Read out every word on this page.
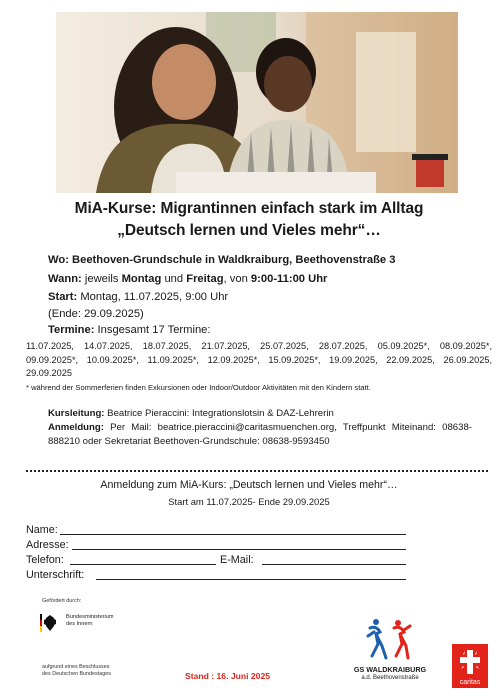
MiA-Kurse: Migrantinnen einfach stark im Alltag
„Deutsch lernen und Vieles mehr“…
Wo: Beethoven-Grundschule in Waldkraiburg, Beethovenstraße 3
Wann: jeweils Montag und Freitag, von 9:00-11:00 Uhr
Start: Montag, 11.07.2025, 9:00 Uhr
(Ende: 29.09.2025)
Termine: Insgesamt 17 Termine:
11.07.2025, 14.07.2025, 18.07.2025, 21.07.2025, 25.07.2025, 28.07.2025, 05.09.2025*, 08.09.2025*, 09.09.2025*, 10.09.2025*, 11.09.2025*, 12.09.2025*, 15.09.2025*, 19.09.2025, 22.09.2025, 26.09.2025, 29.09.2025
* während der Sommerferien finden Exkursionen oder Indoor/Outdoor Aktivitäten mit den Kindern statt.
Kursleitung: Beatrice Pieraccini: Integrationslotsin & DAZ-Lehrerin
Anmeldung: Per Mail: beatrice.pieraccini@caritasmuenchen.org, Treffpunkt Miteinand: 08638-888210 oder Sekretariat Beethoven-Grundschule: 08638-9593450
Anmeldung zum MiA-Kurs: „Deutsch lernen und Vieles mehr“…
Start am 11.07.2025- Ende 29.09.2025
Name:
Adresse:
Telefon:	E-Mail:
Unterschrift:
Gefördert durch:
Bundesministerium
des Innern
aufgrund eines Beschlusses
des Deutschen Bundestages	Stand : 16. Juni 2025
GS WALDKRAIBURG
a.d. Beethovenstraße
caritas
